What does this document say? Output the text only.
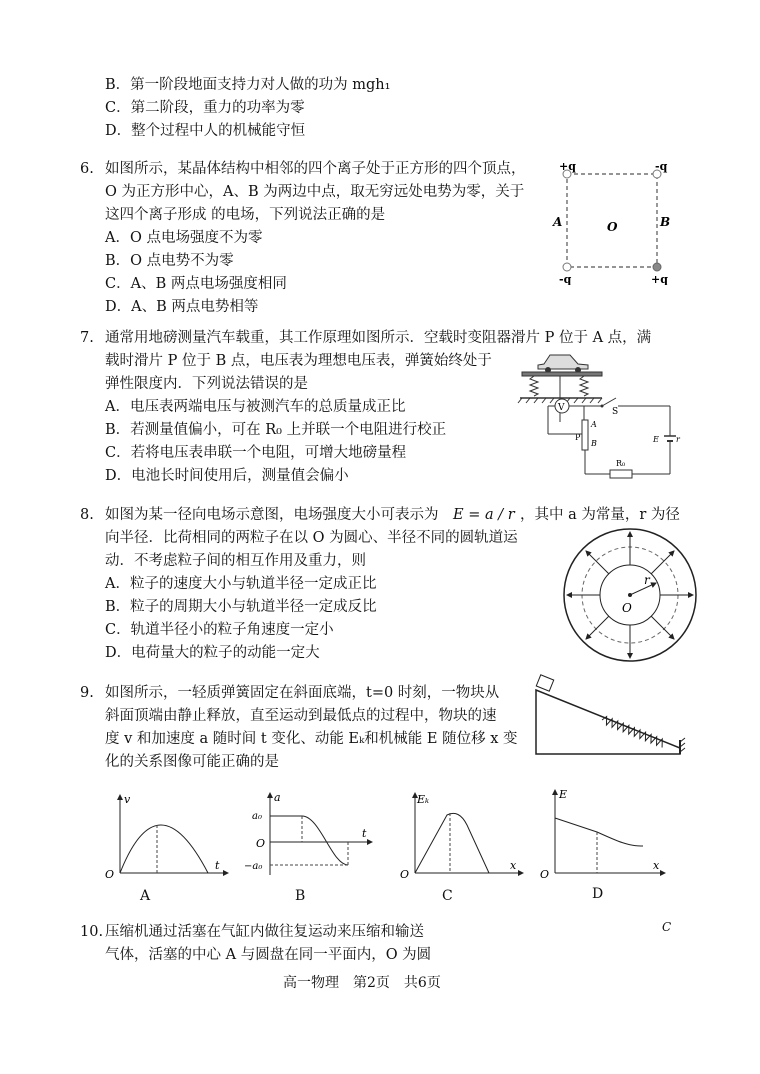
B．第一阶段地面支持力对人做的功为 mgh₁
C．第二阶段，重力的功率为零
D．整个过程中人的机械能守恒
6. 如图所示，某晶体结构中相邻的四个离子处于正方形的四个顶点，
O 为正方形中心，A、B 为两边中点，取无穷远处电势为零，关于
这四个离子形成 的电场，下列说法正确的是
A．O 点电场强度不为零
B．O 点电势不为零
C．A、B 两点电场强度相同
D．A、B 两点电势相等
+q	-q
-q	+q
A	B
O
7. 通常用地磅测量汽车载重，其工作原理如图所示．空载时变阻器滑片 P 位于 A 点，满
载时滑片 P 位于 B 点，电压表为理想电压表，弹簧始终处于
弹性限度内．下列说法错误的是
A．电压表两端电压与被测汽车的总质量成正比
B．若测量值偏小，可在 R₀ 上并联一个电阻进行校正
C．若将电压表串联一个电阻，可增大地磅量程
D．电池长时间使用后，测量值会偏小
V	S
A
B
P
R₀
E r
8. 如图为某一径向电场示意图，电场强度大小可表示为 E = a / r ，其中 a 为常量，r 为径
向半径．比荷相同的两粒子在以 O 为圆心、半径不同的圆轨道运
动．不考虑粒子间的相互作用及重力，则
A．粒子的速度大小与轨道半径一定成正比
B．粒子的周期大小与轨道半径一定成反比
C．轨道半径小的粒子角速度一定小
D．电荷量大的粒子的动能一定大
O
r
9. 如图所示，一轻质弹簧固定在斜面底端，t=0 时刻，一物块从
斜面顶端由静止释放，直至运动到最低点的过程中，物块的速
度 v 和加速度 a 随时间 t 变化、动能 Eₖ和机械能 E 随位移 x 变
化的关系图像可能正确的是
v
t
O
A
a
t
O
a₀
−a₀
B
Eₖ
x
O
C
E
x
O
D
10. 压缩机通过活塞在气缸内做往复运动来压缩和输送
气体，活塞的中心 A 与圆盘在同一平面内，O 为圆
C
高一物理　第2页　共6页
